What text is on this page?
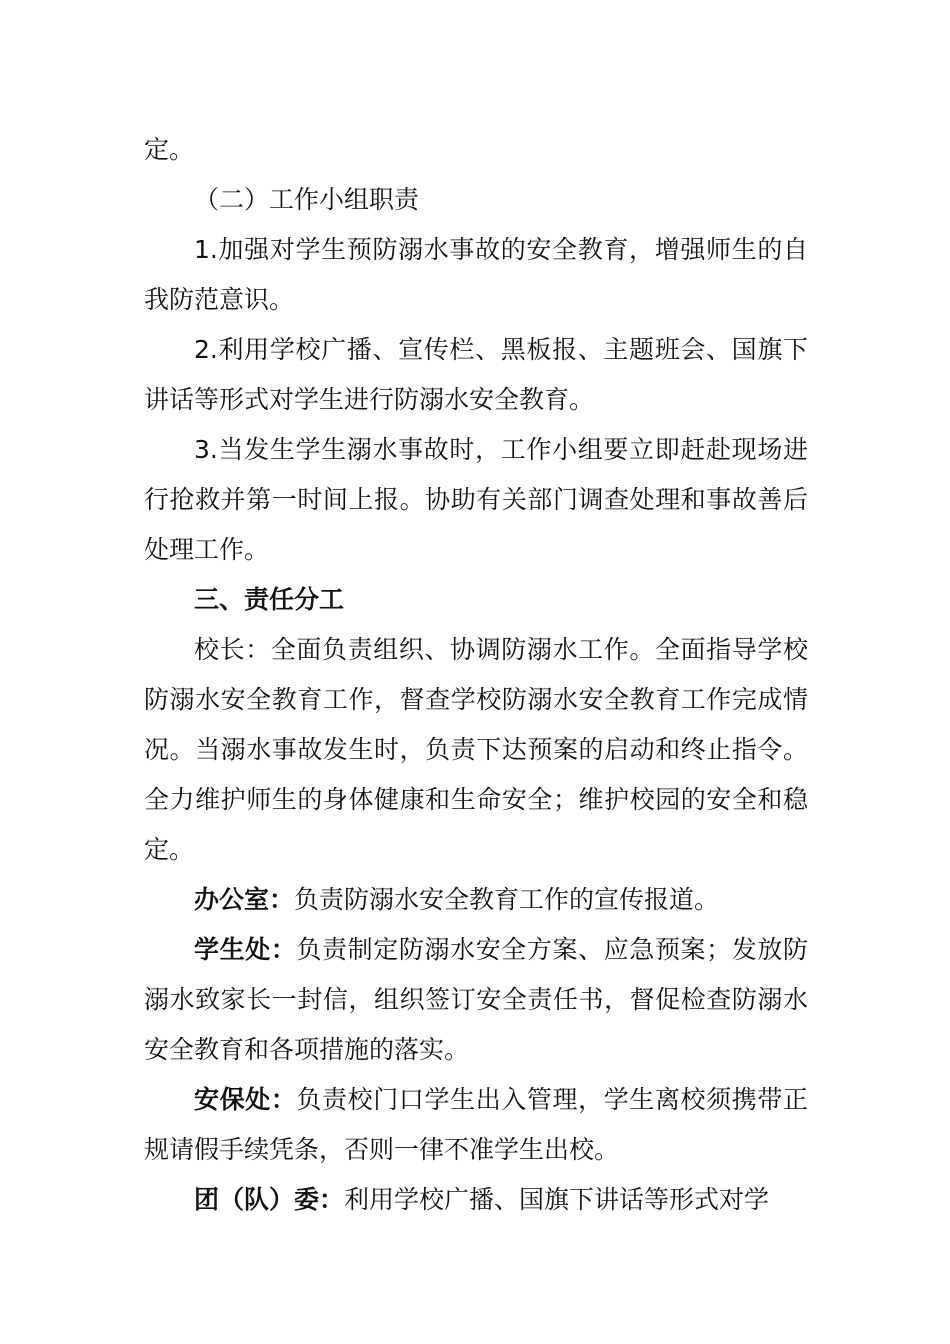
定。

（二）工作小组职责

1.加强对学生预防溺水事故的安全教育，增强师生的自我防范意识。

2.利用学校广播、宣传栏、黑板报、主题班会、国旗下讲话等形式对学生进行防溺水安全教育。

3.当发生学生溺水事故时，工作小组要立即赶赴现场进行抢救并第一时间上报。协助有关部门调查处理和事故善后处理工作。

三、责任分工

校长：全面负责组织、协调防溺水工作。全面指导学校防溺水安全教育工作，督查学校防溺水安全教育工作完成情况。当溺水事故发生时，负责下达预案的启动和终止指令。全力维护师生的身体健康和生命安全；维护校园的安全和稳定。

办公室：负责防溺水安全教育工作的宣传报道。

学生处：负责制定防溺水安全方案、应急预案；发放防溺水致家长一封信，组织签订安全责任书，督促检查防溺水安全教育和各项措施的落实。

安保处：负责校门口学生出入管理，学生离校须携带正规请假手续凭条，否则一律不准学生出校。

团（队）委：利用学校广播、国旗下讲话等形式对学
